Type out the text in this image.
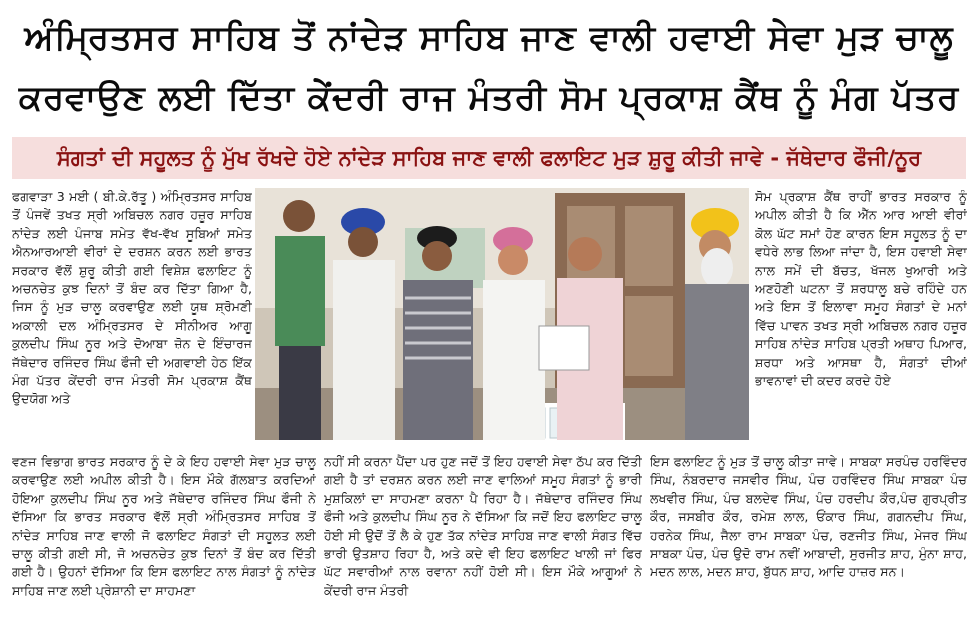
ਅੰਮ੍ਰਿਤਸਰ ਸਾਹਿਬ ਤੋਂ ਨਾਂਦੇੜ ਸਾਹਿਬ ਜਾਣ ਵਾਲੀ ਹਵਾਈ ਸੇਵਾ ਮੁੜ ਚਾਲੂ
ਕਰਵਾਉਣ ਲਈ ਦਿੱਤਾ ਕੇਂਦਰੀ ਰਾਜ ਮੰਤਰੀ ਸੋਮ ਪ੍ਰਕਾਸ਼ ਕੈਂਥ ਨੂੰ ਮੰਗ ਪੱਤਰ
ਸੰਗਤਾਂ ਦੀ ਸਹੂਲਤ ਨੂੰ ਮੁੱਖ ਰੱਖਦੇ ਹੋਏ ਨਾਂਦੇੜ ਸਾਹਿਬ ਜਾਣ ਵਾਲੀ ਫਲਾਇਟ ਮੁੜ ਸ਼ੁਰੂ ਕੀਤੀ ਜਾਵੇ - ਜੱਥੇਦਾਰ ਫੌਜੀ/ਨੂਰ
ਫਗਵਾੜਾ 3 ਮਈ ( ਬੀ.ਕੇ.ਰੱਤੂ ) ਅੰਮ੍ਰਿਤਸਰ ਸਾਹਿਬ ਤੋਂ ਪੰਜਵੇਂ ਤਖਤ ਸ੍ਰੀ ਅਬਿਚਲ ਨਗਰ ਹਜ਼ੂਰ ਸਾਹਿਬ ਨਾਂਦੇੜ ਲਈ ਪੰਜਾਬ ਸਮੇਤ ਵੱਖ-ਵੱਖ ਸੂਬਿਆਂ ਸਮੇਤ ਐਨਆਰਆਈ ਵੀਰਾਂ ਦੇ ਦਰਸ਼ਨ ਕਰਨ ਲਈ ਭਾਰਤ ਸਰਕਾਰ ਵੱਲੋਂ ਸ਼ੁਰੂ ਕੀਤੀ ਗਈ ਵਿਸ਼ੇਸ਼ ਫਲਾਇਟ ਨੂੰ ਅਚਨਚੇਤ ਕੁਝ ਦਿਨਾਂ ਤੋਂ ਬੰਦ ਕਰ ਦਿੱਤਾ ਗਿਆ ਹੈ, ਜਿਸ ਨੂੰ ਮੁੜ ਚਾਲੂ ਕਰਵਾਉਣ ਲਈ ਯੂਥ ਸ਼੍ਰੋਮਣੀ ਅਕਾਲੀ ਦਲ ਅੰਮ੍ਰਿਤਸਰ ਦੇ ਸੀਨੀਅਰ ਆਗੂ ਕੁਲਦੀਪ ਸਿੰਘ ਨੂਰ ਅਤੇ ਦੋਆਬਾ ਜ਼ੋਨ ਦੇ ਇੰਚਾਰਜ ਜੱਥੇਦਾਰ ਰਜਿੰਦਰ ਸਿੰਘ ਫੌਜੀ ਦੀ ਅਗਵਾਈ ਹੇਠ ਇੱਕ ਮੰਗ ਪੱਤਰ ਕੇਂਦਰੀ ਰਾਜ ਮੰਤਰੀ ਸੋਮ ਪ੍ਰਕਾਸ਼ ਕੈਂਥ ਉਦਯੋਗ ਅਤੇ
ਸੋਮ ਪ੍ਰਕਾਸ਼ ਕੈਂਥ ਰਾਹੀਂ ਭਾਰਤ ਸਰਕਾਰ ਨੂੰ ਅਪੀਲ ਕੀਤੀ ਹੈ ਕਿ ਐੱਨ ਆਰ ਆਈ ਵੀਰਾਂ ਕੋਲ ਘੱਟ ਸਮਾਂ ਹੋਣ ਕਾਰਨ ਇਸ ਸਹੂਲਤ ਨੂੰ ਦਾ ਵਧੇਰੇ ਲਾਭ ਲਿਆ ਜਾਂਦਾ ਹੈ, ਇਸ ਹਵਾਈ ਸੇਵਾ ਨਾਲ ਸਮੇਂ ਦੀ ਬੱਚਤ, ਖੱਜਲ ਖੁਆਰੀ ਅਤੇ ਅਣਹੋਣੀ ਘਟਨਾ ਤੋਂ ਸ਼ਰਧਾਲੂ ਬਚੇ ਰਹਿੰਦੇ ਹਨ ਅਤੇ ਇਸ ਤੋਂ ਇਲਾਵਾ ਸਮੂਹ ਸੰਗਤਾਂ ਦੇ ਮਨਾਂ ਵਿੱਚ ਪਾਵਨ ਤਖਤ ਸ੍ਰੀ ਅਬਿਚਲ ਨਗਰ ਹਜ਼ੂਰ ਸਾਹਿਬ ਨਾਂਦੇੜ ਸਾਹਿਬ ਪ੍ਰਤੀ ਅਥਾਹ ਪਿਆਰ, ਸ਼ਰਧਾ ਅਤੇ ਆਸਥਾ ਹੈ, ਸੰਗਤਾਂ ਦੀਆਂ ਭਾਵਨਾਵਾਂ ਦੀ ਕਦਰ ਕਰਦੇ ਹੋਏ
ਵਣਜ ਵਿਭਾਗ ਭਾਰਤ ਸਰਕਾਰ ਨੂੰ ਦੇ ਕੇ ਇਹ ਹਵਾਈ ਸੇਵਾ ਮੁੜ ਚਾਲੂ ਕਰਵਾਉਣ ਲਈ ਅਪੀਲ ਕੀਤੀ ਹੈ। ਇਸ ਮੌਕੇ ਗੱਲਬਾਤ ਕਰਦਿਆਂ ਹੋਇਆ ਕੁਲਦੀਪ ਸਿੰਘ ਨੂਰ ਅਤੇ ਜੱਥੇਦਾਰ ਰਜਿੰਦਰ ਸਿੰਘ ਫੌਜੀ ਨੇ ਦੱਸਿਆ ਕਿ ਭਾਰਤ ਸਰਕਾਰ ਵੱਲੋਂ ਸ੍ਰੀ ਅੰਮ੍ਰਿਤਸਰ ਸਾਹਿਬ ਤੋਂ ਨਾਂਦੇੜ ਸਾਹਿਬ ਜਾਣ ਵਾਲੀ ਜੋ ਫਲਾਇਟ ਸੰਗਤਾਂ ਦੀ ਸਹੂਲਤ ਲਈ ਚਾਲੂ ਕੀਤੀ ਗਈ ਸੀ, ਜੋ ਅਚਨਚੇਤ ਕੁਝ ਦਿਨਾਂ ਤੋਂ ਬੰਦ ਕਰ ਦਿੱਤੀ ਗਈ ਹੈ। ਉਹਨਾਂ ਦੱਸਿਆ ਕਿ ਇਸ ਫਲਾਇਟ ਨਾਲ ਸੰਗਤਾਂ ਨੂੰ ਨਾਂਦੇੜ ਸਾਹਿਬ ਜਾਣ ਲਈ ਪ੍ਰੇਸ਼ਾਨੀ ਦਾ ਸਾਹਮਣਾ
ਨਹੀਂ ਸੀ ਕਰਨਾ ਪੈਂਦਾ ਪਰ ਹੁਣ ਜਦੋਂ ਤੋਂ ਇਹ ਹਵਾਈ ਸੇਵਾ ਠੱਪ ਕਰ ਦਿੱਤੀ ਗਈ ਹੈ ਤਾਂ ਦਰਸ਼ਨ ਕਰਨ ਲਈ ਜਾਣ ਵਾਲਿਆਂ ਸਮੂਹ ਸੰਗਤਾਂ ਨੂੰ ਭਾਰੀ ਮੁਸ਼ਕਿਲਾਂ ਦਾ ਸਾਹਮਣਾ ਕਰਨਾ ਪੈ ਰਿਹਾ ਹੈ। ਜੱਥੇਦਾਰ ਰਜਿੰਦਰ ਸਿੰਘ ਫੌਜੀ ਅਤੇ ਕੁਲਦੀਪ ਸਿੰਘ ਨੂਰ ਨੇ ਦੱਸਿਆ ਕਿ ਜਦੋਂ ਇਹ ਫਲਾਇਟ ਚਾਲੂ ਹੋਈ ਸੀ ਉਦੋਂ ਤੋਂ ਲੈ ਕੇ ਹੁਣ ਤੱਕ ਨਾਂਦੇੜ ਸਾਹਿਬ ਜਾਣ ਵਾਲੀ ਸੰਗਤ ਵਿੱਚ ਭਾਰੀ ਉਤਸ਼ਾਹ ਰਿਹਾ ਹੈ, ਅਤੇ ਕਦੇ ਵੀ ਇਹ ਫਲਾਇਟ ਖਾਲੀ ਜਾਂ ਫਿਰ ਘੱਟ ਸਵਾਰੀਆਂ ਨਾਲ ਰਵਾਨਾ ਨਹੀਂ ਹੋਈ ਸੀ। ਇਸ ਮੌਕੇ ਆਗੂਆਂ ਨੇ ਕੇਂਦਰੀ ਰਾਜ ਮੰਤਰੀ
ਇਸ ਫਲਾਇਟ ਨੂੰ ਮੁੜ ਤੋਂ ਚਾਲੂ ਕੀਤਾ ਜਾਵੇ। ਸਾਬਕਾ ਸਰਪੰਚ ਹਰਵਿੰਦਰ ਸਿੰਘ, ਨੰਬਰਦਾਰ ਜਸਵੀਰ ਸਿੰਘ, ਪੰਚ ਹਰਵਿੰਦਰ ਸਿੰਘ ਸਾਬਕਾ ਪੰਚ ਲਖਵੀਰ ਸਿੰਘ, ਪੰਚ ਬਲਦੇਵ ਸਿੰਘ, ਪੰਚ ਹਰਦੀਪ ਕੌਰ,ਪੰਚ ਗੁਰਪ੍ਰੀਤ ਕੌਰ, ਜਸਬੀਰ ਕੌਰ, ਰਮੇਸ਼ ਲਾਲ, ਓਂਕਾਰ ਸਿੰਘ, ਗਗਨਦੀਪ ਸਿੰਘ, ਹਰਨੇਕ ਸਿੰਘ, ਜੈਲਾ ਰਾਮ ਸਾਬਕਾ ਪੰਚ, ਰਣਜੀਤ ਸਿੰਘ, ਮੇਜਰ ਸਿੰਘ ਸਾਬਕਾ ਪੰਚ, ਪੰਚ ਉਦੋ ਰਾਮ ਨਵੀਂ ਆਬਾਦੀ, ਸੁਰਜੀਤ ਸ਼ਾਹ, ਮੁੰਨਾ ਸ਼ਾਹ, ਮਦਨ ਲਾਲ, ਮਦਨ ਸ਼ਾਹ, ਬੁੱਧਨ ਸ਼ਾਹ, ਆਦਿ ਹਾਜ਼ਰ ਸਨ।
